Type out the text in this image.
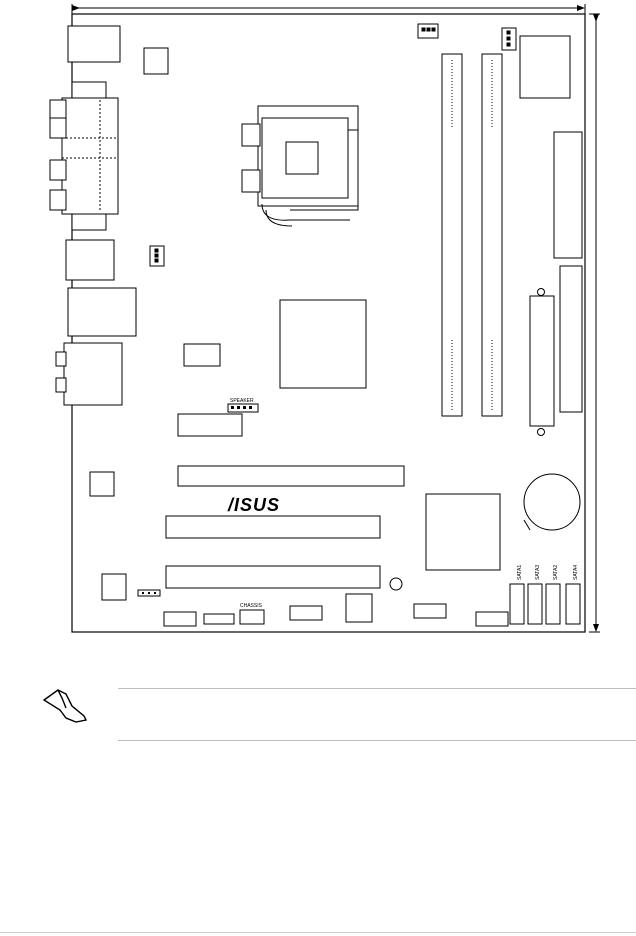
SPEAKER
/ISUS
CHASSIS
SATA1 SATA3 SATA2	SATA4
